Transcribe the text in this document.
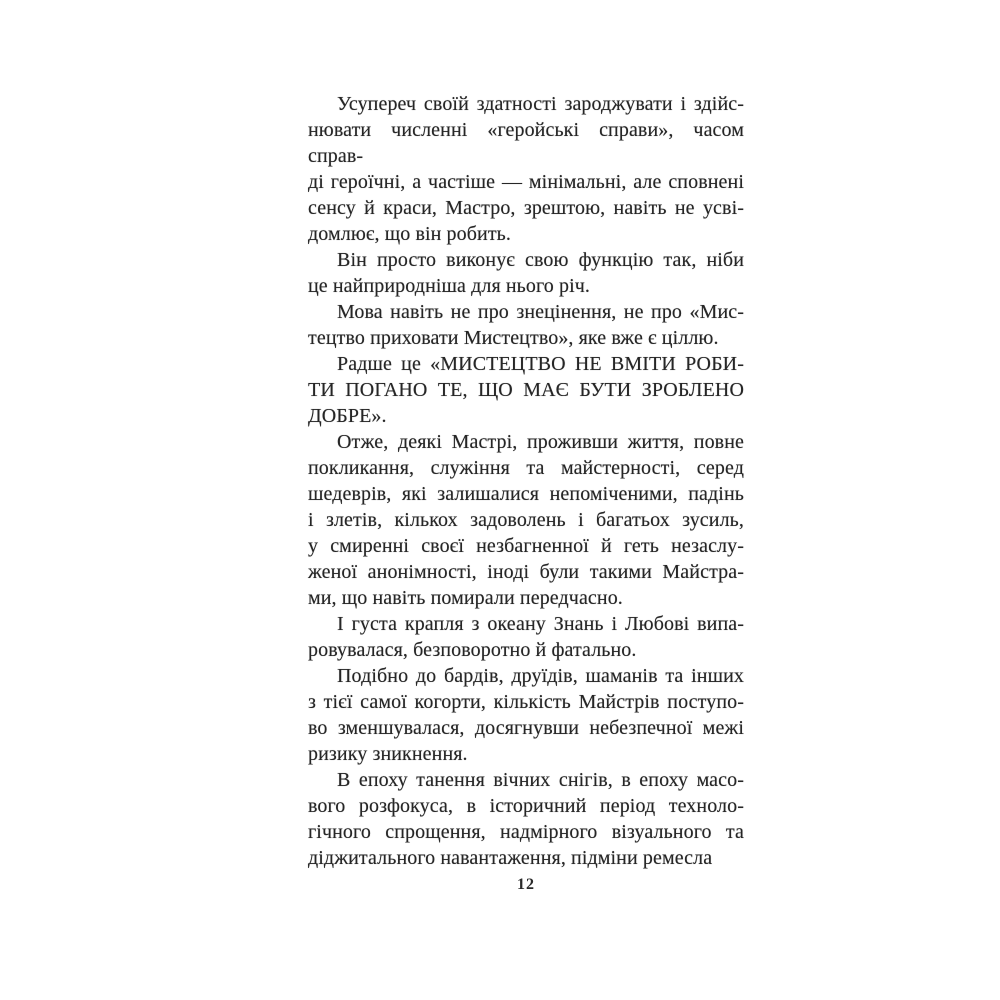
Усупереч своїй здатності зароджувати і здійс-
нювати численні «геройські справи», часом справ-
ді героїчні, а частіше — мінімальні, але сповнені
сенсу й краси, Мастро, зрештою, навіть не усві-
домлює, що він робить.
Він просто виконує свою функцію так, ніби
це найприродніша для нього річ.
Мова навіть не про знецінення, не про «Мис-
тецтво приховати Мистецтво», яке вже є ціллю.
Радше це «МИСТЕЦТВО НЕ ВМІТИ РОБИ-
ТИ ПОГАНО ТЕ, ЩО МАЄ БУТИ ЗРОБЛЕНО
ДОБРЕ».
Отже, деякі Мастрі, проживши життя, повне
покликання, служіння та майстерності, серед
шедеврів, які залишалися непоміченими, падінь
і злетів, кількох задоволень і багатьох зусиль,
у смиренні своєї незбагненної й геть незаслу-
женої анонімності, іноді були такими Майстра-
ми, що навіть помирали передчасно.
І густа крапля з океану Знань і Любові випа-
ровувалася, безповоротно й фатально.
Подібно до бардів, друїдів, шаманів та інших
з тієї самої когорти, кількість Майстрів поступо-
во зменшувалася, досягнувши небезпечної межі
ризику зникнення.
В епоху танення вічних снігів, в епоху масо-
вого розфокуса, в історичний період техноло-
гічного спрощення, надмірного візуального та
діджитального навантаження, підміни ремесла
12
